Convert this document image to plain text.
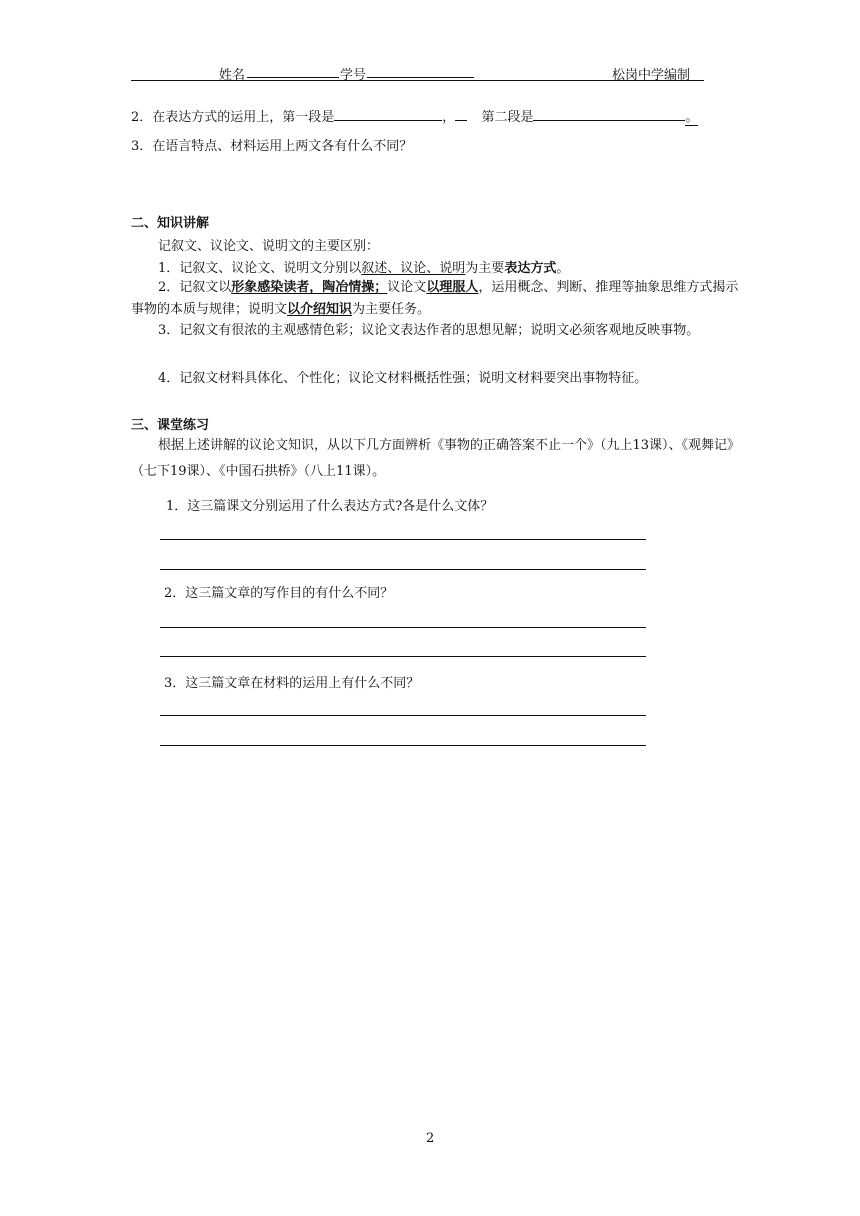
姓名	学号	松岗中学编制
2．在表达方式的运用上，第一段是	， 第二段是	。
3．在语言特点、材料运用上两文各有什么不同？
二、知识讲解
记叙文、议论文、说明文的主要区别：
1．记叙文、议论文、说明文分别以叙述、议论、说明为主要表达方式。
2．记叙文以形象感染读者，陶冶情操；议论文以理服人，运用概念、判断、推理等抽象思维方式揭示事物的本质与规律；说明文以介绍知识为主要任务。
3．记叙文有很浓的主观感情色彩；议论文表达作者的思想见解；说明文必须客观地反映事物。
4．记叙文材料具体化、个性化；议论文材料概括性强；说明文材料要突出事物特征。
三、课堂练习
根据上述讲解的议论文知识，从以下几方面辨析《事物的正确答案不止一个》（九上13课）、《观舞记》（七下19课）、《中国石拱桥》（八上11课）。
1．这三篇课文分别运用了什么表达方式?各是什么文体？
2．这三篇文章的写作目的有什么不同？
3．这三篇文章在材料的运用上有什么不同？
2
